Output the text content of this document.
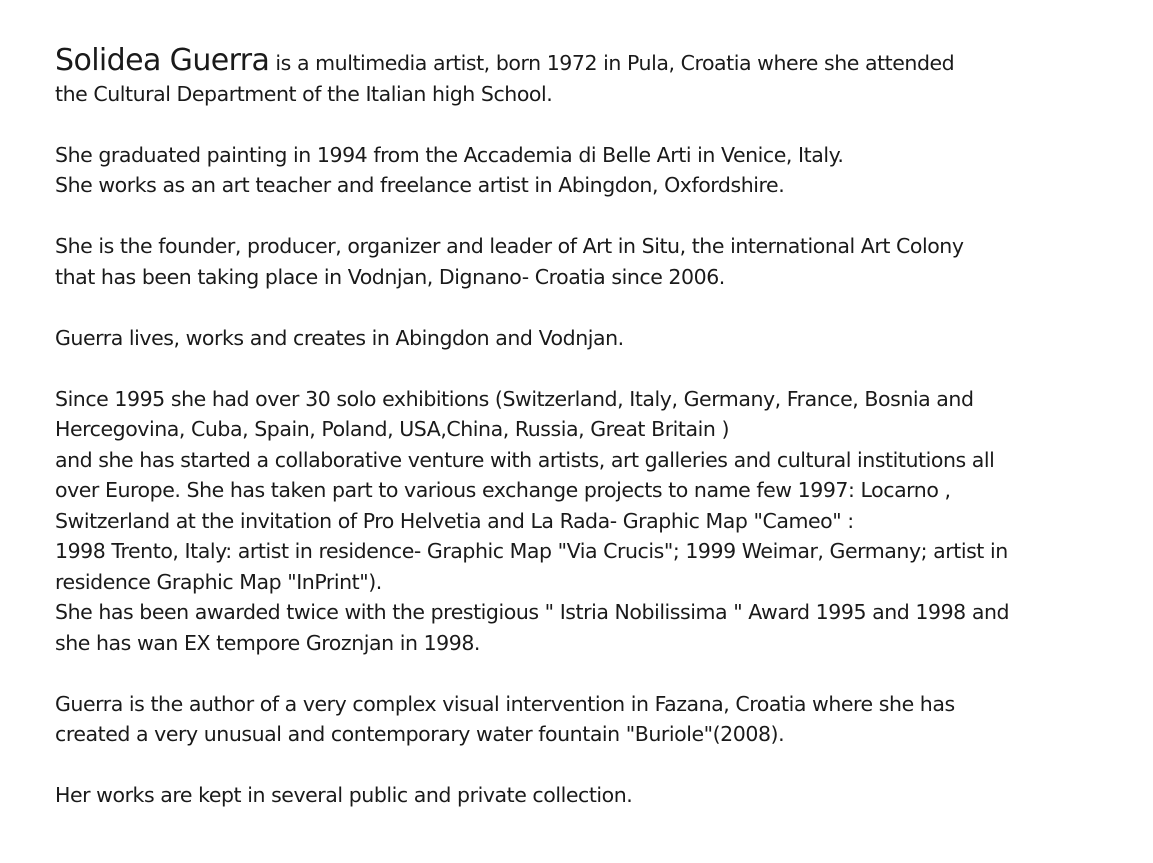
Solidea Guerra is a multimedia artist, born 1972 in Pula, Croatia where she attended
the Cultural Department of the Italian high School.

She graduated painting in 1994 from the Accademia di Belle Arti in Venice, Italy.
She works as an art teacher and freelance artist in Abingdon, Oxfordshire.

She is the founder, producer, organizer and leader of Art in Situ, the international Art Colony
that has been taking place in Vodnjan, Dignano- Croatia since 2006.

Guerra lives, works and creates in Abingdon and Vodnjan.

Since 1995 she had over 30 solo exhibitions (Switzerland, Italy, Germany, France, Bosnia and
Hercegovina, Cuba, Spain, Poland, USA,China, Russia, Great Britain )
and she has started a collaborative venture with artists, art galleries and cultural institutions all
over Europe. She has taken part to various exchange projects to name few 1997: Locarno ,
Switzerland at the invitation of Pro Helvetia and La Rada- Graphic Map "Cameo" :
1998 Trento, Italy: artist in residence- Graphic Map "Via Crucis"; 1999 Weimar, Germany; artist in
residence Graphic Map "InPrint").
She has been awarded twice with the prestigious " Istria Nobilissima " Award 1995 and 1998 and
she has wan EX tempore Groznjan in 1998.

Guerra is the author of a very complex visual intervention in Fazana, Croatia where she has
created a very unusual and contemporary water fountain "Buriole"(2008).

Her works are kept in several public and private collection.
